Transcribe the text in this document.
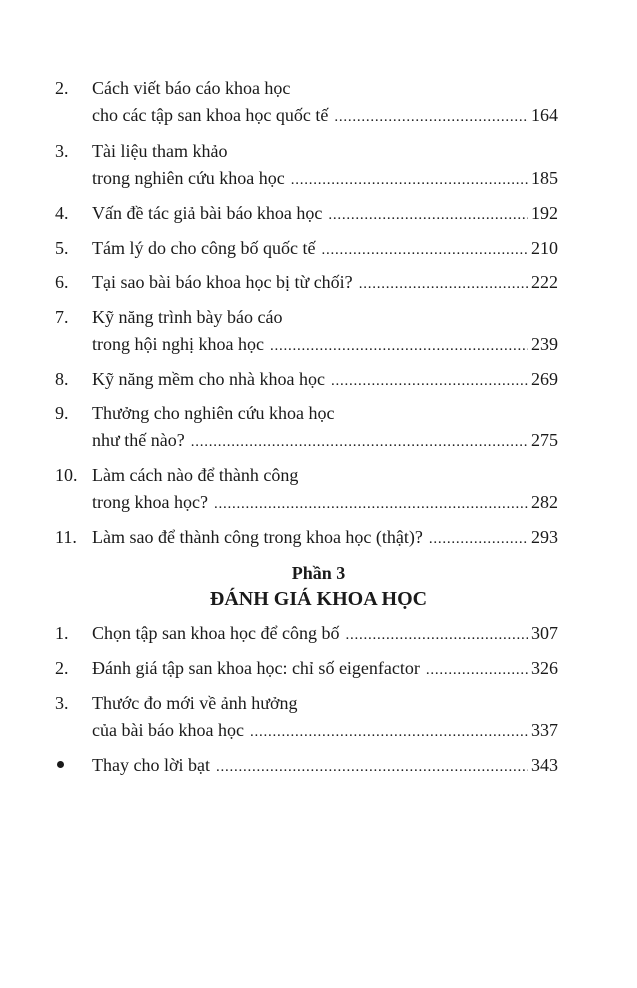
2. Cách viết báo cáo khoa học
cho các tập san khoa học quốc tế . . .	164
3. Tài liệu tham khảo
trong nghiên cứu khoa học . . .	185
4. Vấn đề tác giả bài báo khoa học . . .	192
5. Tám lý do cho công bố quốc tế . . .	210
6. Tại sao bài báo khoa học bị từ chối? . . .	222
7. Kỹ năng trình bày báo cáo
trong hội nghị khoa học . . .	239
8. Kỹ năng mềm cho nhà khoa học . . .	269
9. Thưởng cho nghiên cứu khoa học
như thế nào? . . .	275
10. Làm cách nào để thành công
trong khoa học? . . .	282
11. Làm sao để thành công trong khoa học (thật)? . . .	293
Phần 3
ĐÁNH GIÁ KHOA HỌC
1. Chọn tập san khoa học để công bố . . .	307
2. Đánh giá tập san khoa học: chỉ số eigenfactor . . .	326
3. Thước đo mới về ảnh hưởng
của bài báo khoa học . . .	337
Thay cho lời bạt . . .	343
